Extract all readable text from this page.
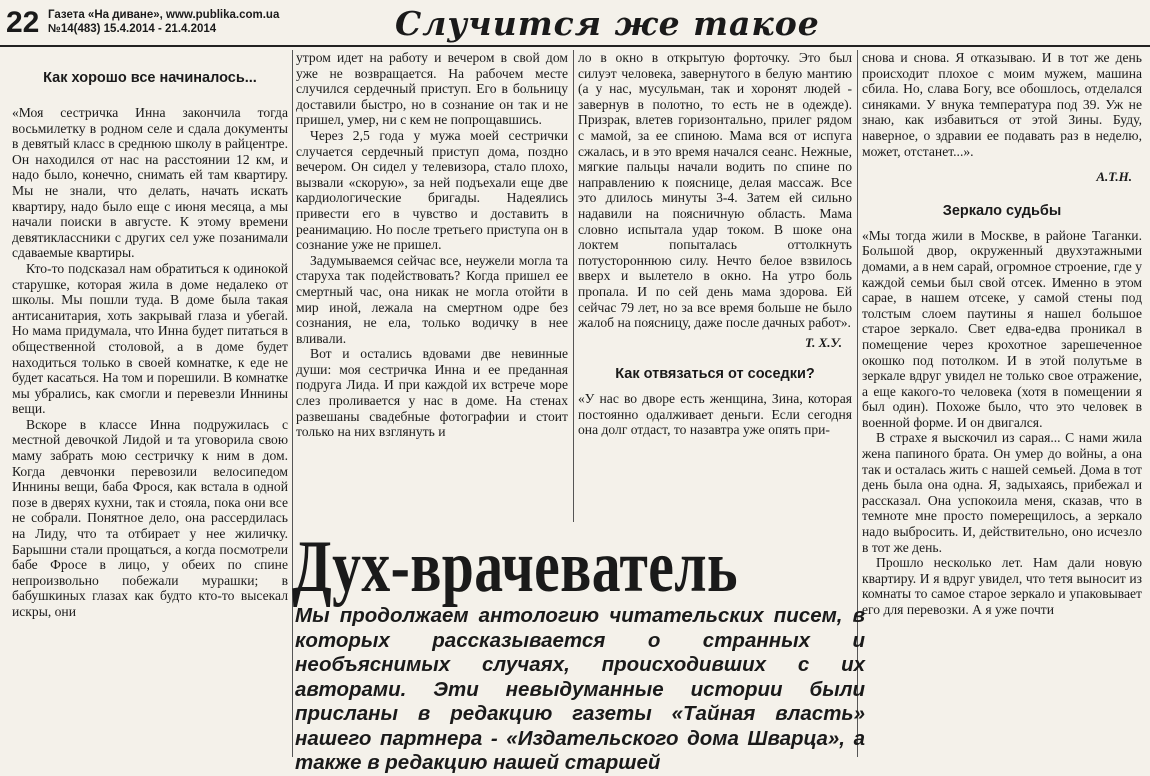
22 Газета «На диване», www.publika.com.ua
№14(483) 15.4.2014 - 21.4.2014	Случится же такое
Как хорошо все начиналось...

«Моя сестричка Инна закончила тогда восьмилетку в родном селе и сдала документы в девятый класс в среднюю школу в райцентре. Он находился от нас на расстоянии 12 км, и надо было, конечно, снимать ей там квартиру. Мы не знали, что делать, начать искать квартиру, надо было еще с июня месяца, а мы начали поиски в августе. К этому времени девятиклассники с других сел уже позанимали сдаваемые квартиры.

Кто-то подсказал нам обратиться к одинокой старушке, которая жила в доме недалеко от школы. Мы пошли туда. В доме была такая антисанитария, хоть закрывай глаза и убегай. Но мама придумала, что Инна будет питаться в общественной столовой, а в доме будет находиться только в своей комнатке, к еде не будет касаться. На том и порешили. В комнатке мы убрались, как смогли и перевезли Иннины вещи.

Вскоре в классе Инна подружилась с местной девочкой Лидой и та уговорила свою маму забрать мою сестричку к ним в дом. Когда девчонки перевозили велосипедом Иннины вещи, баба Фрося, как встала в одной позе в дверях кухни, так и стояла, пока они все не собрали. Понятное дело, она рассердилась на Лиду, что та отбирает у нее жиличку. Барышни стали прощаться, а когда посмотрели бабе Фросе в лицо, у обеих по спине непроизвольно побежали мурашки; в бабушкиных глазах как будто кто-то высекал искры, они

утром идет на работу и вечером в свой дом уже не возвращается. На рабочем месте случился сердечный приступ. Его в больницу доставили быстро, но в сознание он так и не пришел, умер, ни с кем не попрощавшись.

Через 2,5 года у мужа моей сестрички случается сердечный приступ дома, поздно вечером. Он сидел у телевизора, стало плохо, вызвали «скорую», за ней подъехали еще две кардиологические бригады. Надеялись привести его в чувство и доставить в реанимацию. Но после третьего приступа он в сознание уже не пришел.

Задумываемся сейчас все, неужели могла та старуха так подействовать? Когда пришел ее смертный час, она никак не могла отойти в мир иной, лежала на смертном одре без сознания, не ела, только водичку в нее вливали.

Вот и остались вдовами две невинные души: моя сестричка Инна и ее преданная подруга Лида. И при каждой их встрече море слез проливается у нас в доме. На стенах развешаны свадебные фотографии и стоит только на них взглянуть и

ло в окно в открытую форточку. Это был силуэт человека, завернутого в белую мантию (а у нас, мусульман, так и хоронят людей - завернув в полотно, то есть не в одежде). Призрак, влетев горизонтально, прилег рядом с мамой, за ее спиною. Мама вся от испуга сжалась, и в это время начался сеанс. Нежные, мягкие пальцы начали водить по спине по направлению к пояснице, делая массаж. Все это длилось минуты 3-4. Затем ей сильно надавили на поясничную область. Мама словно испытала удар током. В шоке она локтем попыталась оттолкнуть потустороннюю силу. Нечто белое взвилось вверх и вылетело в окно. На утро боль пропала. И по сей день мама здорова. Ей сейчас 79 лет, но за все время больше не было жалоб на поясницу, даже после дачных работ».

Т. Х.У.
Как отвязаться от соседки?

«У нас во дворе есть женщина, Зина, которая постоянно одалживает деньги. Если сегодня она долг отдаст, то назавтра уже опять при-

снова и снова. Я отказываю. И в тот же день происходит плохое с моим мужем, машина сбила. Но, слава Богу, все обошлось, отделался синяками. У внука температура под 39. Уж не знаю, как избавиться от этой Зины. Буду, наверное, о здравии ее подавать раз в неделю, может, отстанет...».

А.Т.Н.
Зеркало судьбы

«Мы тогда жили в Москве, в районе Таганки. Большой двор, окруженный двухэтажными домами, а в нем сарай, огромное строение, где у каждой семьи был свой отсек. Именно в этом сарае, в нашем отсеке, у самой стены под толстым слоем паутины я нашел большое старое зеркало. Свет едва-едва проникал в помещение через крохотное зарешеченное окошко под потолком. И в этой полутьме в зеркале вдруг увидел не только свое отражение, а еще какого-то человека (хотя в помещении я был один). Похоже было, что это человек в военной форме. И он двигался.

В страхе я выскочил из сарая... С нами жила жена папиного брата. Он умер до войны, а она так и осталась жить с нашей семьей. Дома в тот день была она одна. Я, задыхаясь, прибежал и рассказал. Она успокоила меня, сказав, что в темноте мне просто померещилось, а зеркало надо выбросить. И, действительно, оно исчезло в тот же день.

Прошло несколько лет. Нам дали новую квартиру. И я вдруг увидел, что тетя выносит из комнаты то самое старое зеркало и упаковывает его для перевозки. А я уже почти

Дух-врачеватель
Мы продолжаем антологию читательских писем, в которых рассказывается о странных и необъяснимых случаях, происходивших с их авторами. Эти невыдуманные истории были присланы в редакцию газеты «Тайная власть» нашего партнера - «Издательского дома Шварца», а также в редакцию нашей старшей
